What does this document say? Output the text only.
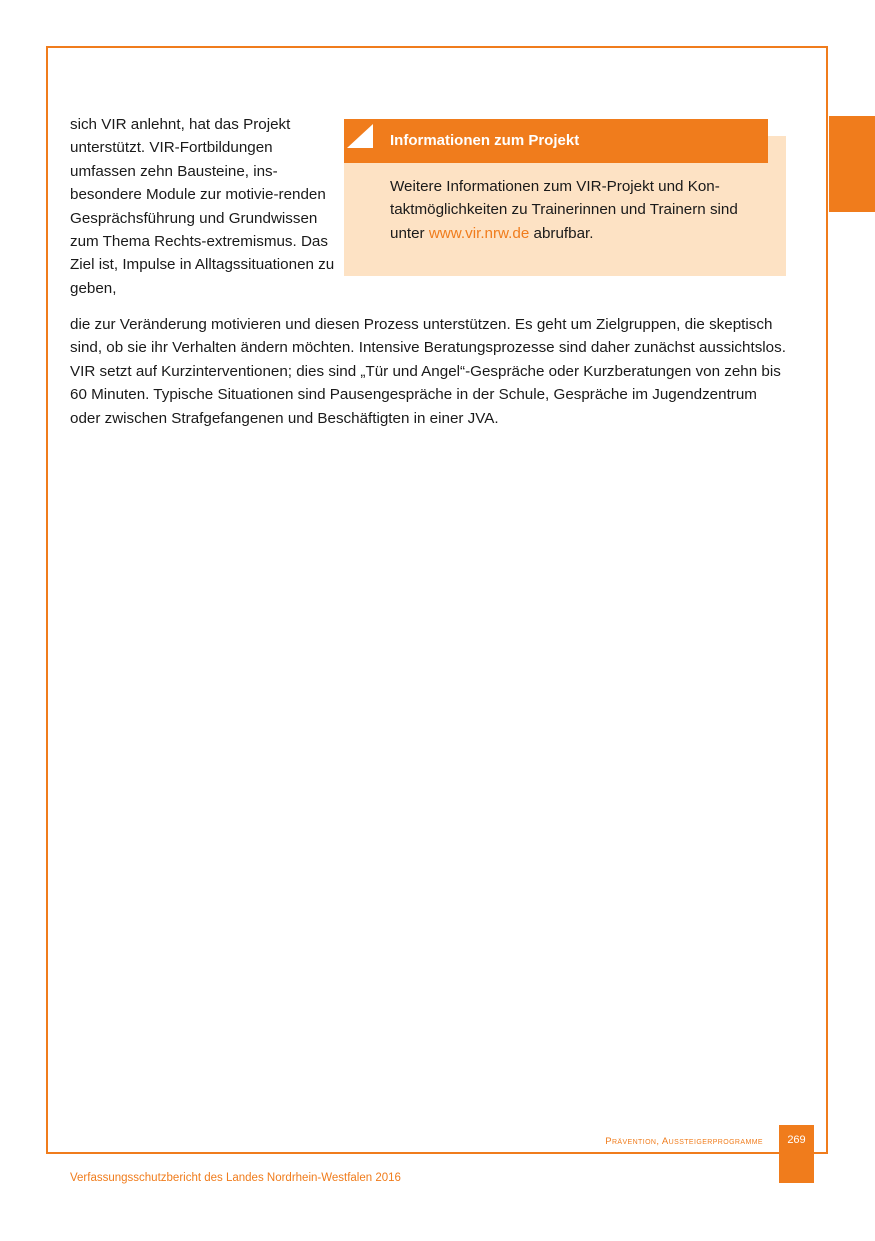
sich VIR anlehnt, hat das Projekt unterstützt. VIR-Fortbildungen umfassen zehn Bausteine, ins-besondere Module zur motivie-renden Gesprächsführung und Grundwissen zum Thema Rechts-extremismus. Das Ziel ist, Impulse in Alltagssituationen zu geben,

Informationen zum Projekt

Weitere Informationen zum VIR-Projekt und Kon-taktmöglichkeiten zu Trainerinnen und Trainern sind unter www.vir.nrw.de abrufbar.

die zur Veränderung motivieren und diesen Prozess unterstützen. Es geht um Zielgruppen, die skeptisch sind, ob sie ihr Verhalten ändern möchten. Intensive Beratungsprozesse sind daher zunächst aussichtslos. VIR setzt auf Kurzinterventionen; dies sind „Tür und Angel“-Gespräche oder Kurzberatungen von zehn bis 60 Minuten. Typische Situationen sind Pausengespräche in der Schule, Gespräche im Jugendzentrum oder zwischen Strafgefangenen und Beschäftigten in einer JVA.

Prävention, Aussteigerprogramme	269
Verfassungsschutzbericht des Landes Nordrhein-Westfalen 2016
